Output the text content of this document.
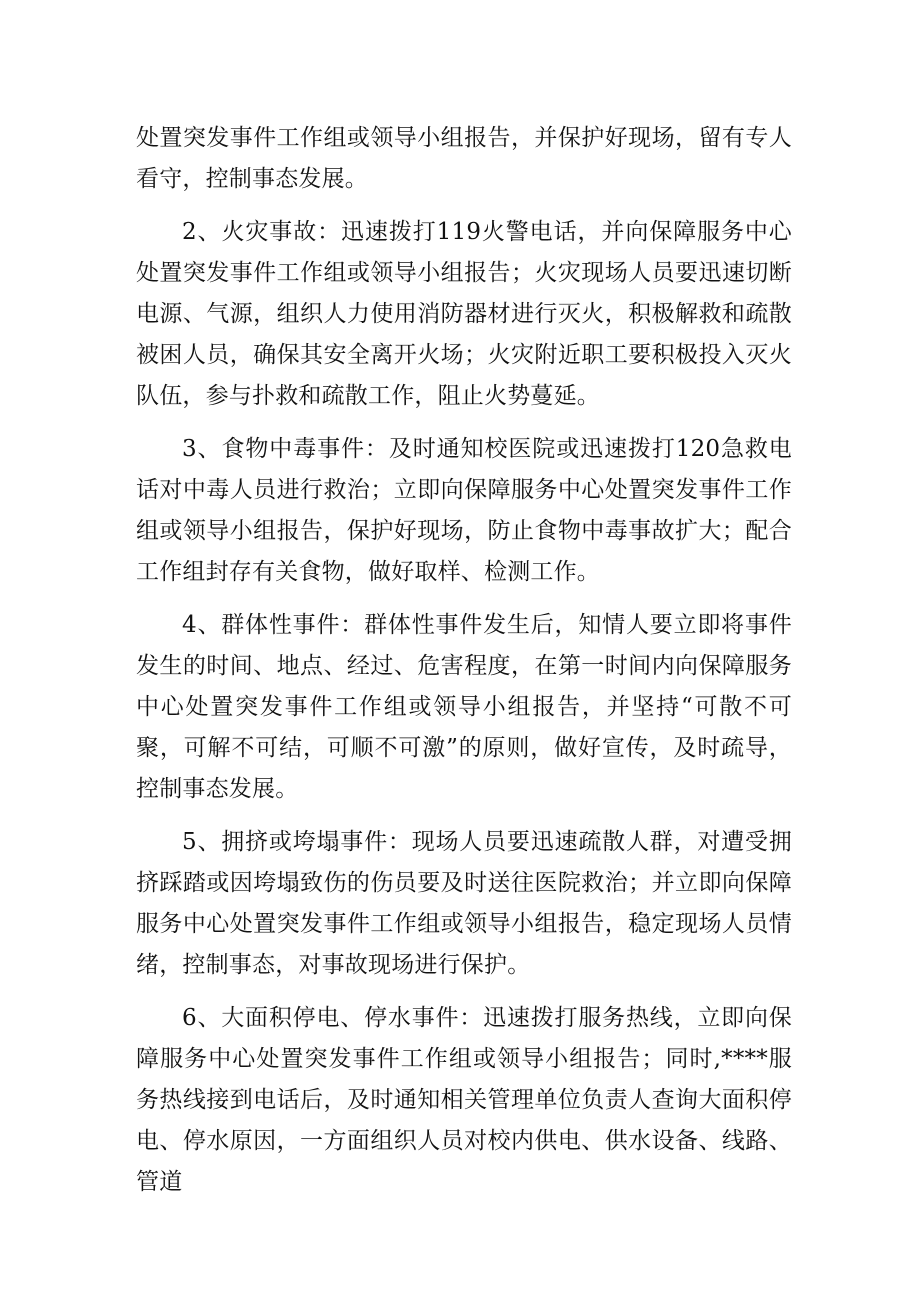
处置突发事件工作组或领导小组报告，并保护好现场，留有专人看守，控制事态发展。

2、火灾事故：迅速拨打119火警电话，并向保障服务中心处置突发事件工作组或领导小组报告；火灾现场人员要迅速切断电源、气源，组织人力使用消防器材进行灭火，积极解救和疏散被困人员，确保其安全离开火场；火灾附近职工要积极投入灭火队伍，参与扑救和疏散工作，阻止火势蔓延。

3、食物中毒事件：及时通知校医院或迅速拨打120急救电话对中毒人员进行救治；立即向保障服务中心处置突发事件工作组或领导小组报告，保护好现场，防止食物中毒事故扩大；配合工作组封存有关食物，做好取样、检测工作。

4、群体性事件：群体性事件发生后，知情人要立即将事件发生的时间、地点、经过、危害程度，在第一时间内向保障服务中心处置突发事件工作组或领导小组报告，并坚持“可散不可聚，可解不可结，可顺不可激”的原则，做好宣传，及时疏导，控制事态发展。

5、拥挤或垮塌事件：现场人员要迅速疏散人群，对遭受拥挤踩踏或因垮塌致伤的伤员要及时送往医院救治；并立即向保障服务中心处置突发事件工作组或领导小组报告，稳定现场人员情绪，控制事态，对事故现场进行保护。

6、大面积停电、停水事件：迅速拨打服务热线，立即向保障服务中心处置突发事件工作组或领导小组报告；同时,****服务热线接到电话后，及时通知相关管理单位负责人查询大面积停电、停水原因，一方面组织人员对校内供电、供水设备、线路、管道
